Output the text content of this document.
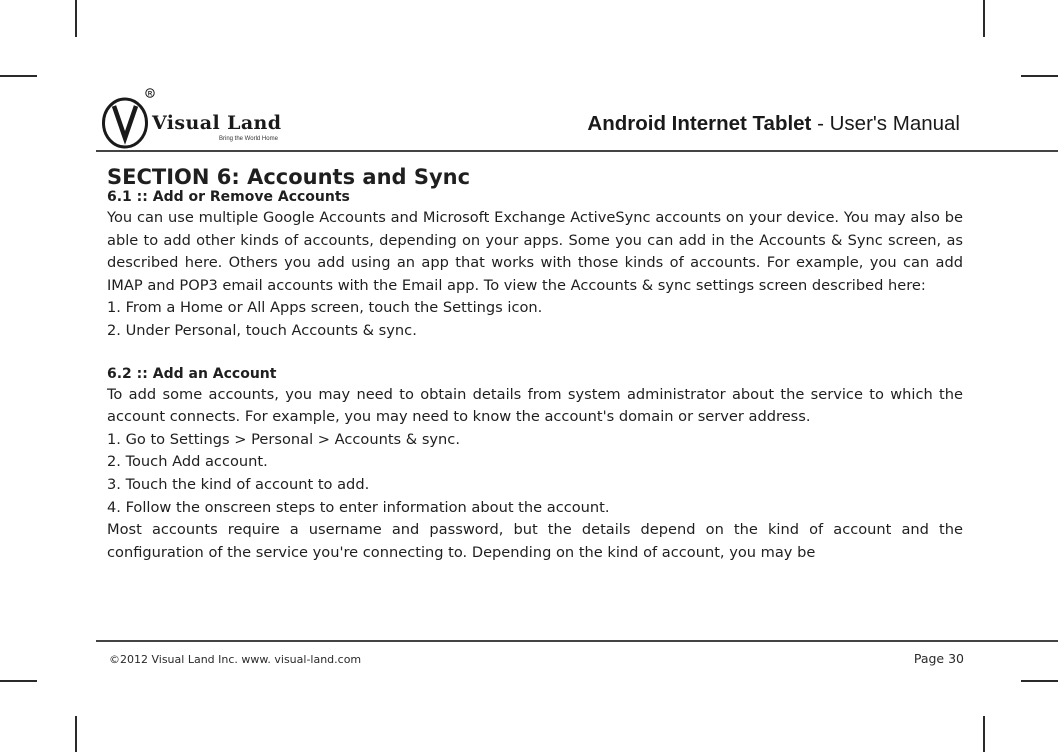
R
Visual Land
Bring the World Home
Android Internet Tablet - User's Manual
SECTION 6: Accounts and Sync
6.1 :: Add or Remove Accounts

You can use multiple Google Accounts and Microsoft Exchange ActiveSync accounts on your device. You may also be able to add other kinds of accounts, depending on your apps. Some you can add in the Accounts & Sync screen, as described here. Others you add using an app that works with those kinds of accounts. For example, you can add IMAP and POP3 email accounts with the Email app. To view the Accounts & sync settings screen described here:

1. From a Home or All Apps screen, touch the Settings icon.

2. Under Personal, touch Accounts & sync.

6.2 :: Add an Account

To add some accounts, you may need to obtain details from system administrator about the service to which the account connects. For example, you may need to know the account's domain or server address.

1. Go to Settings > Personal > Accounts & sync.

2. Touch Add account.

3. Touch the kind of account to add.

4. Follow the onscreen steps to enter information about the account.

Most accounts require a username and password, but the details depend on the kind of account and the configuration of the service you're connecting to. Depending on the kind of account, you may be

©2012 Visual Land Inc. www. visual-land.com	Page 30
